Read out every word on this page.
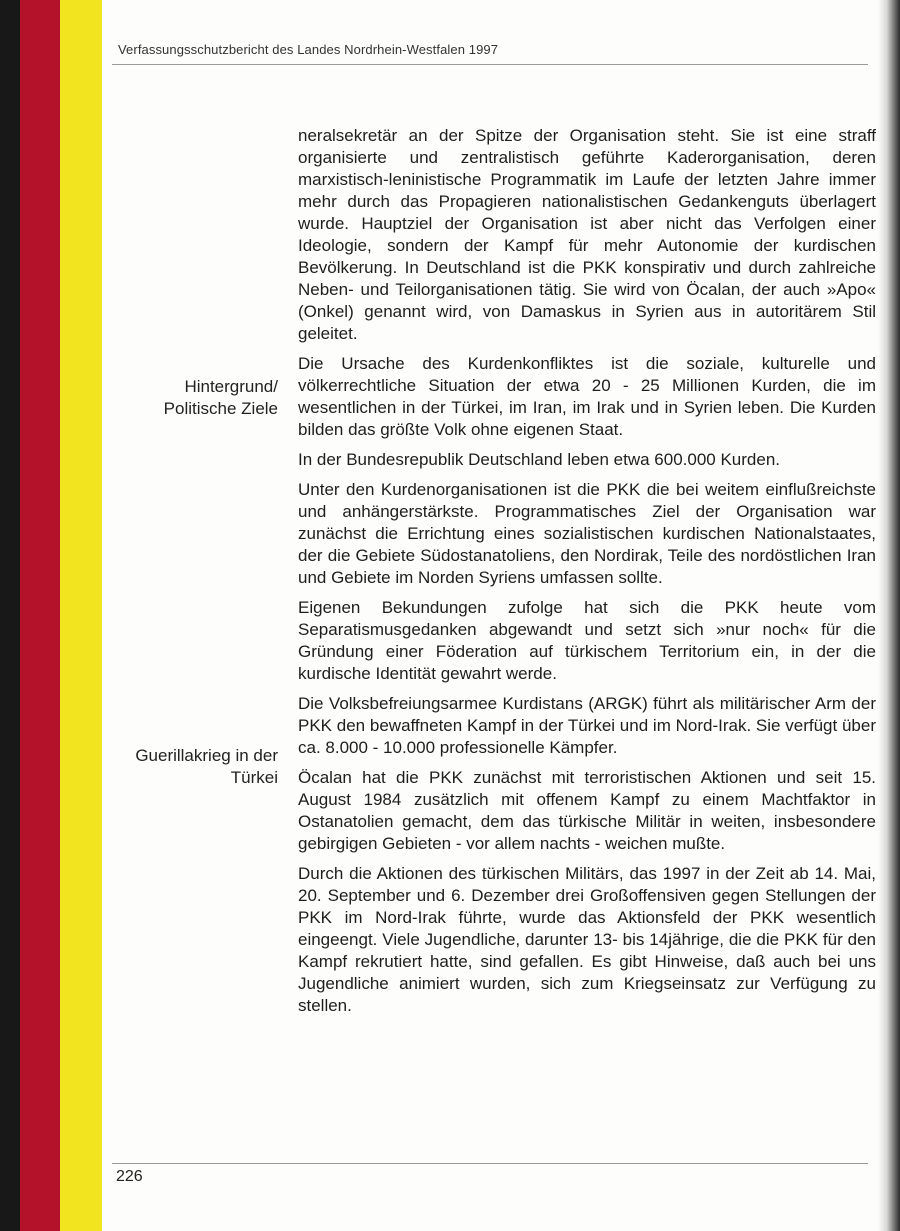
Verfassungsschutzbericht des Landes Nordrhein-Westfalen 1997
Hintergrund/ Politische Ziele
Guerillakrieg in der Türkei

neralsekretär an der Spitze der Organisation steht. Sie ist eine straff organisierte und zentralistisch geführte Kaderorganisation, deren marxistisch-leninistische Programmatik im Laufe der letzten Jahre immer mehr durch das Propagieren nationalistischen Gedankenguts überlagert wurde. Hauptziel der Organisation ist aber nicht das Verfolgen einer Ideologie, sondern der Kampf für mehr Autonomie der kurdischen Bevölkerung. In Deutschland ist die PKK konspirativ und durch zahlreiche Neben- und Teilorganisationen tätig. Sie wird von Öcalan, der auch »Apo« (Onkel) genannt wird, von Damaskus in Syrien aus in autoritärem Stil geleitet.

Die Ursache des Kurdenkonfliktes ist die soziale, kulturelle und völkerrechtliche Situation der etwa 20 - 25 Millionen Kurden, die im wesentlichen in der Türkei, im Iran, im Irak und in Syrien leben. Die Kurden bilden das größte Volk ohne eigenen Staat.

In der Bundesrepublik Deutschland leben etwa 600.000 Kurden.

Unter den Kurdenorganisationen ist die PKK die bei weitem einflußreichste und anhängerstärkste. Programmatisches Ziel der Organisation war zunächst die Errichtung eines sozialistischen kurdischen Nationalstaates, der die Gebiete Südostanatoliens, den Nordirak, Teile des nordöstlichen Iran und Gebiete im Norden Syriens umfassen sollte.

Eigenen Bekundungen zufolge hat sich die PKK heute vom Separatismusgedanken abgewandt und setzt sich »nur noch« für die Gründung einer Föderation auf türkischem Territorium ein, in der die kurdische Identität gewahrt werde.

Die Volksbefreiungsarmee Kurdistans (ARGK) führt als militärischer Arm der PKK den bewaffneten Kampf in der Türkei und im Nord-Irak. Sie verfügt über ca. 8.000 - 10.000 professionelle Kämpfer.

Öcalan hat die PKK zunächst mit terroristischen Aktionen und seit 15. August 1984 zusätzlich mit offenem Kampf zu einem Machtfaktor in Ostanatolien gemacht, dem das türkische Militär in weiten, insbesondere gebirgigen Gebieten - vor allem nachts - weichen mußte.

Durch die Aktionen des türkischen Militärs, das 1997 in der Zeit ab 14. Mai, 20. September und 6. Dezember drei Großoffensiven gegen Stellungen der PKK im Nord-Irak führte, wurde das Aktionsfeld der PKK wesentlich eingeengt. Viele Jugendliche, darunter 13- bis 14jährige, die die PKK für den Kampf rekrutiert hatte, sind gefallen. Es gibt Hinweise, daß auch bei uns Jugendliche animiert wurden, sich zum Kriegseinsatz zur Verfügung zu stellen.

226
